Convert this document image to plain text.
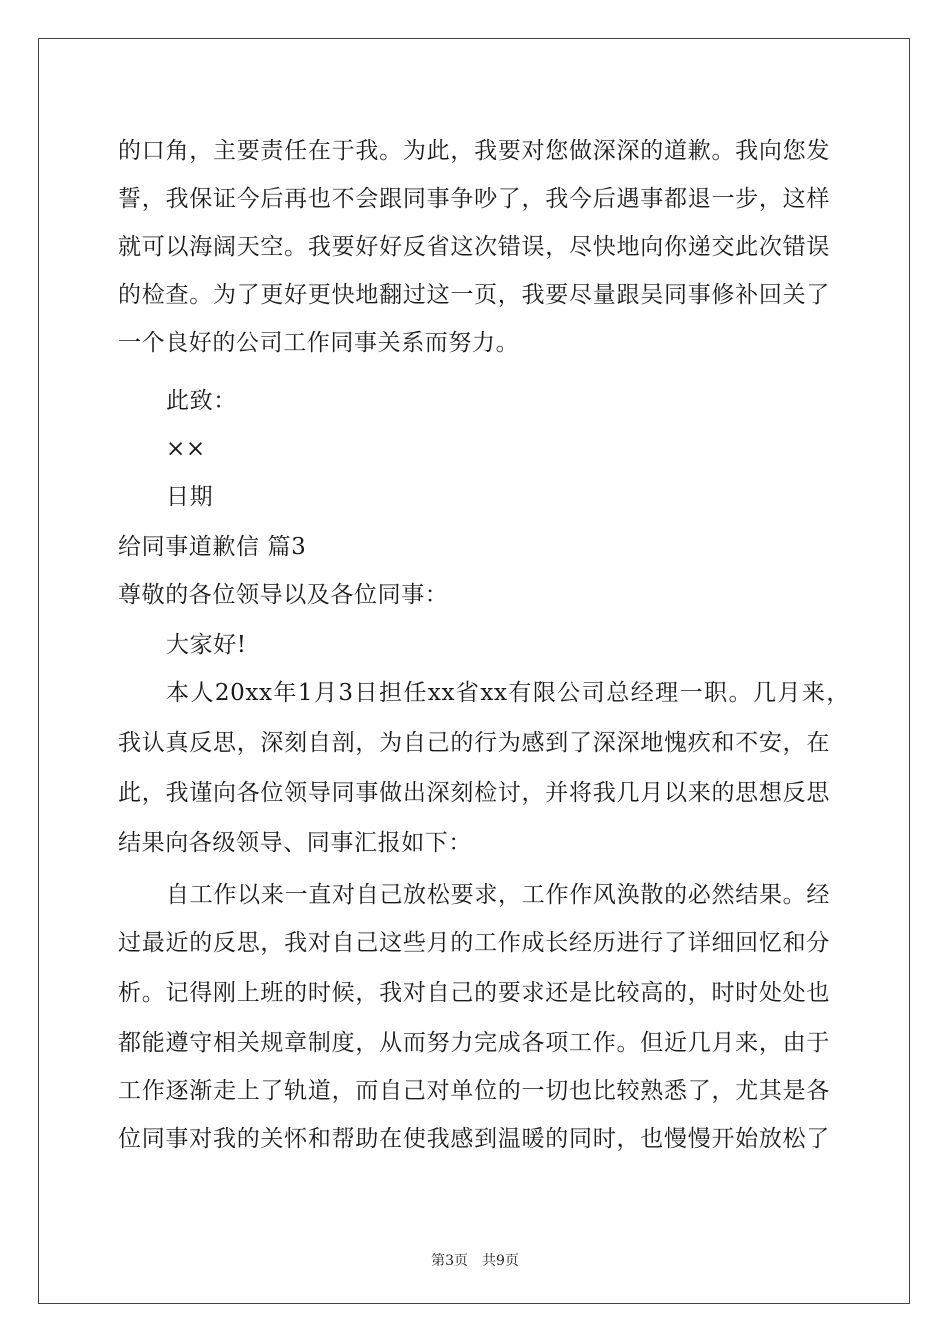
的口角，主要责任在于我。为此，我要对您做深深的道歉。我向您发
誓，我保证今后再也不会跟同事争吵了，我今后遇事都退一步，这样
就可以海阔天空。我要好好反省这次错误，尽快地向你递交此次错误
的检查。为了更好更快地翻过这一页，我要尽量跟吴同事修补回关了
一个良好的公司工作同事关系而努力。
此致：
××
日期
给同事道歉信 篇3
尊敬的各位领导以及各位同事：
大家好!
本人20xx年1月3日担任xx省xx有限公司总经理一职。几月来，
我认真反思，深刻自剖，为自己的行为感到了深深地愧疚和不安，在
此，我谨向各位领导同事做出深刻检讨，并将我几月以来的思想反思
结果向各级领导、同事汇报如下：
自工作以来一直对自己放松要求，工作作风涣散的必然结果。经
过最近的反思，我对自己这些月的工作成长经历进行了详细回忆和分
析。记得刚上班的时候，我对自己的要求还是比较高的，时时处处也
都能遵守相关规章制度，从而努力完成各项工作。但近几月来，由于
工作逐渐走上了轨道，而自己对单位的一切也比较熟悉了，尤其是各
位同事对我的关怀和帮助在使我感到温暖的同时，也慢慢开始放松了
第3页 共9页
